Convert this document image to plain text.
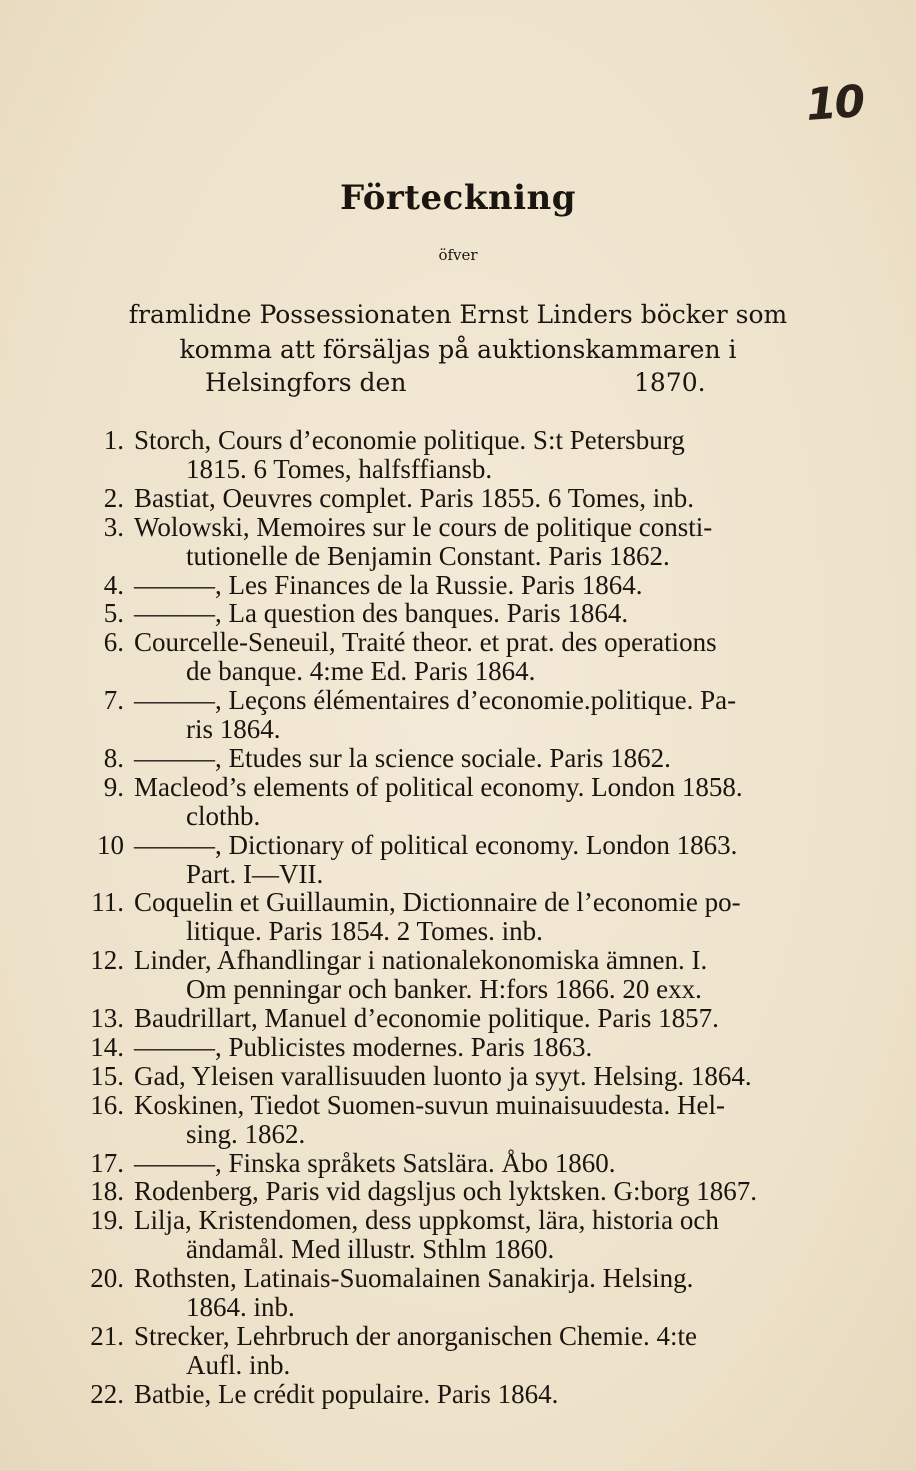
10
Förteckning
öfver
framlidne Possessionaten Ernst Linders böcker som
komma att försäljas på auktionskammaren i
Helsingfors den	1870.
1. Storch, Cours d’economie politique. S:t Petersburg
1815. 6 Tomes, halfsffiansb.
2. Bastiat, Oeuvres complet. Paris 1855. 6 Tomes, inb.
3. Wolowski, Memoires sur le cours de politique consti-
tutionelle de Benjamin Constant. Paris 1862.
4. ———, Les Finances de la Russie. Paris 1864.
5. ———, La question des banques. Paris 1864.
6. Courcelle-Seneuil, Traité theor. et prat. des operations
de banque. 4:me Ed. Paris 1864.
7. ———, Leçons élémentaires d’economie.politique. Pa-
ris 1864.
8. ———, Etudes sur la science sociale. Paris 1862.
9. Macleod’s elements of political economy. London 1858.
clothb.
10 ———, Dictionary of political economy. London 1863.
Part. I—VII.
11. Coquelin et Guillaumin, Dictionnaire de l’economie po-
litique. Paris 1854. 2 Tomes. inb.
12. Linder, Afhandlingar i nationalekonomiska ämnen. I.
Om penningar och banker. H:fors 1866. 20 exx.
13. Baudrillart, Manuel d’economie politique. Paris 1857.
14. ———, Publicistes modernes. Paris 1863.
15. Gad, Yleisen varallisuuden luonto ja syyt. Helsing. 1864.
16. Koskinen, Tiedot Suomen-suvun muinaisuudesta. Hel-
sing. 1862.
17. ———, Finska språkets Satslära. Åbo 1860.
18. Rodenberg, Paris vid dagsljus och lyktsken. G:borg 1867.
19. Lilja, Kristendomen, dess uppkomst, lära, historia och
ändamål. Med illustr. Sthlm 1860.
20. Rothsten, Latinais-Suomalainen Sanakirja. Helsing.
1864. inb.
21. Strecker, Lehrbruch der anorganischen Chemie. 4:te
Aufl. inb.
22. Batbie, Le crédit populaire. Paris 1864.
